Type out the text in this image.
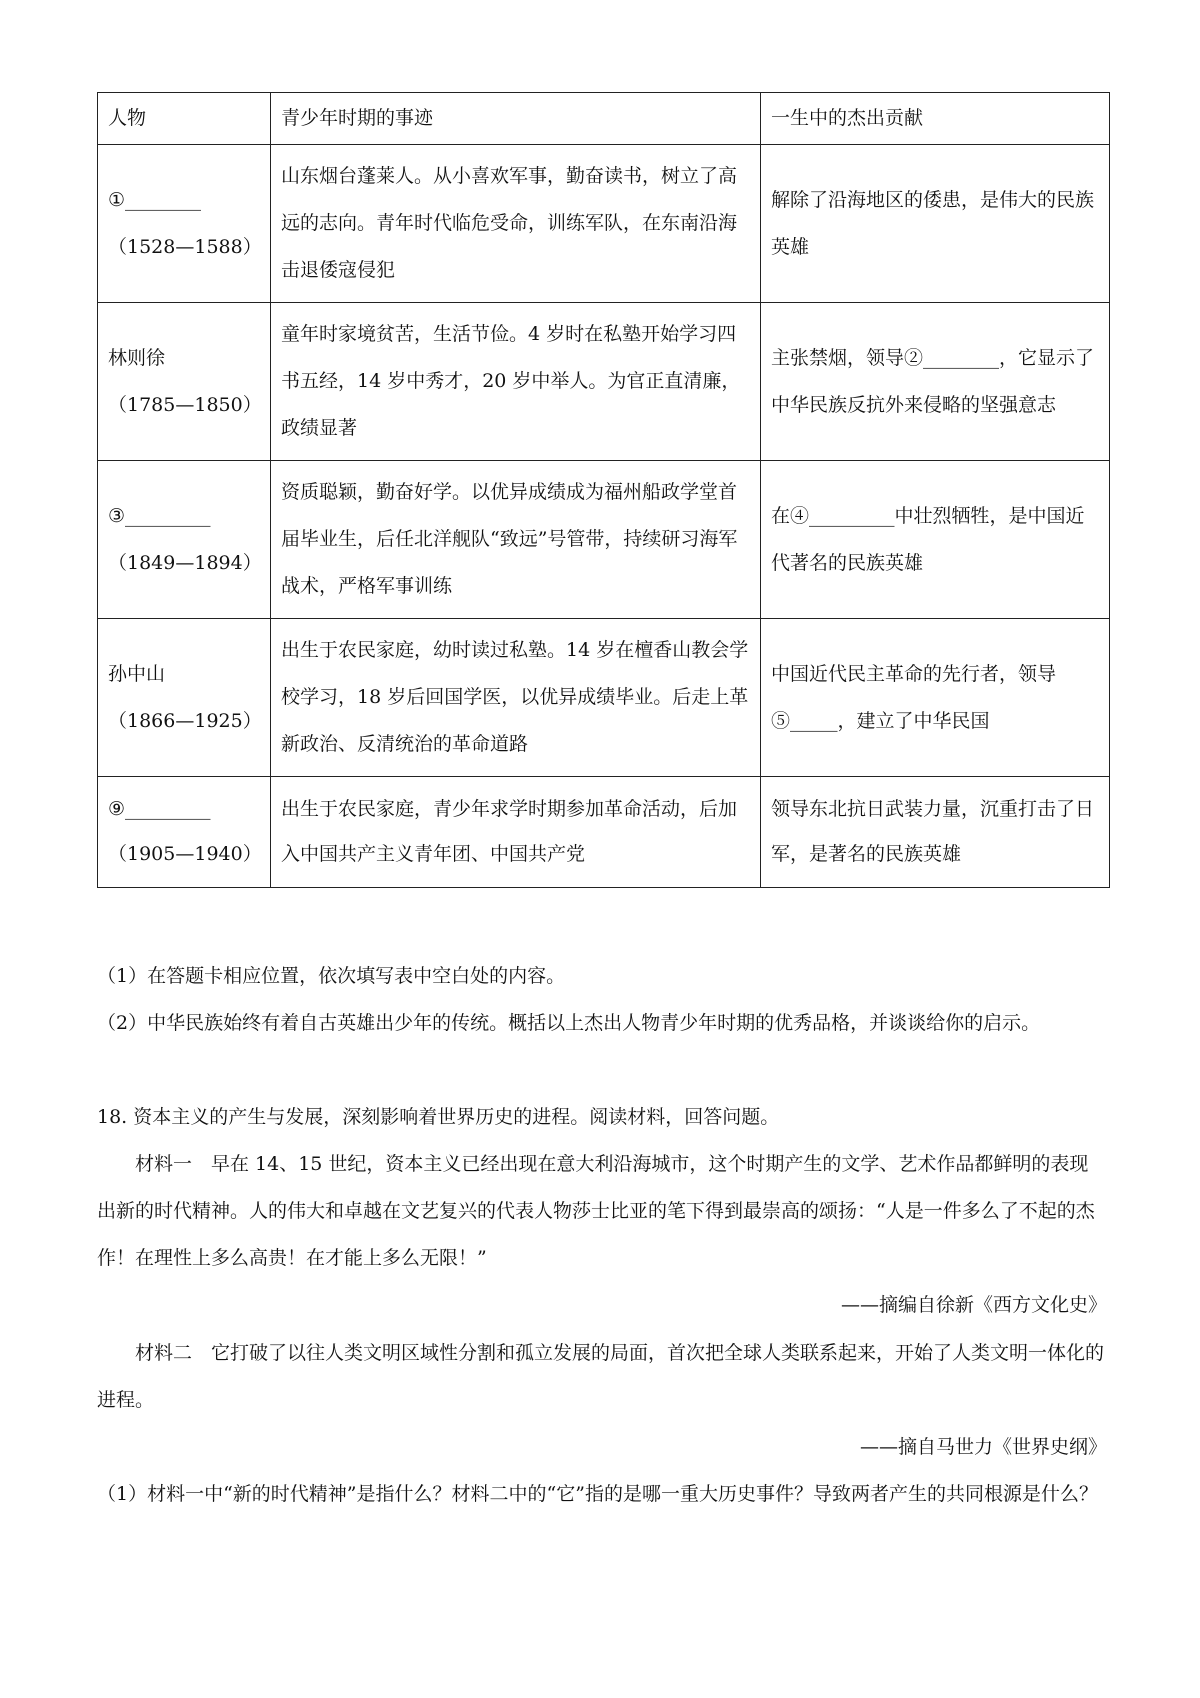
人物	青少年时期的事迹	一生中的杰出贡献

①________
（1528—1588）	山东烟台蓬莱人。从小喜欢军事，勤奋读书，树立了高远的志向。青年时代临危受命，训练军队，在东南沿海击退倭寇侵犯	解除了沿海地区的倭患，是伟大的民族英雄

林则徐
（1785—1850）	童年时家境贫苦，生活节俭。4 岁时在私塾开始学习四书五经，14 岁中秀才，20 岁中举人。为官正直清廉，政绩显著	主张禁烟，领导②________，它显示了中华民族反抗外来侵略的坚强意志

③_________
（1849—1894）	资质聪颖，勤奋好学。以优异成绩成为福州船政学堂首届毕业生，后任北洋舰队“致远”号管带，持续研习海军战术，严格军事训练	在④_________中壮烈牺牲，是中国近代著名的民族英雄

孙中山
（1866—1925）	出生于农民家庭，幼时读过私塾。14 岁在檀香山教会学校学习，18 岁后回国学医，以优异成绩毕业。后走上革新政治、反清统治的革命道路	中国近代民主革命的先行者，领导⑤_____，建立了中华民国

⑨_________
（1905—1940）	出生于农民家庭，青少年求学时期参加革命活动，后加入中国共产主义青年团、中国共产党	领导东北抗日武装力量，沉重打击了日军，是著名的民族英雄
（1）在答题卡相应位置，依次填写表中空白处的内容。
（2）中华民族始终有着自古英雄出少年的传统。概括以上杰出人物青少年时期的优秀品格，并谈谈给你的启示。
18. 资本主义的产生与发展，深刻影响着世界历史的进程。阅读材料，回答问题。
材料一　早在 14、15 世纪，资本主义已经出现在意大利沿海城市，这个时期产生的文学、艺术作品都鲜明的表现出新的时代精神。人的伟大和卓越在文艺复兴的代表人物莎士比亚的笔下得到最崇高的颂扬：“人是一件多么了不起的杰作！在理性上多么高贵！在才能上多么无限！”
——摘编自徐新《西方文化史》
材料二　它打破了以往人类文明区域性分割和孤立发展的局面，首次把全球人类联系起来，开始了人类文明一体化的进程。
——摘自马世力《世界史纲》
（1）材料一中“新的时代精神”是指什么？材料二中的“它”指的是哪一重大历史事件？导致两者产生的共同根源是什么？
